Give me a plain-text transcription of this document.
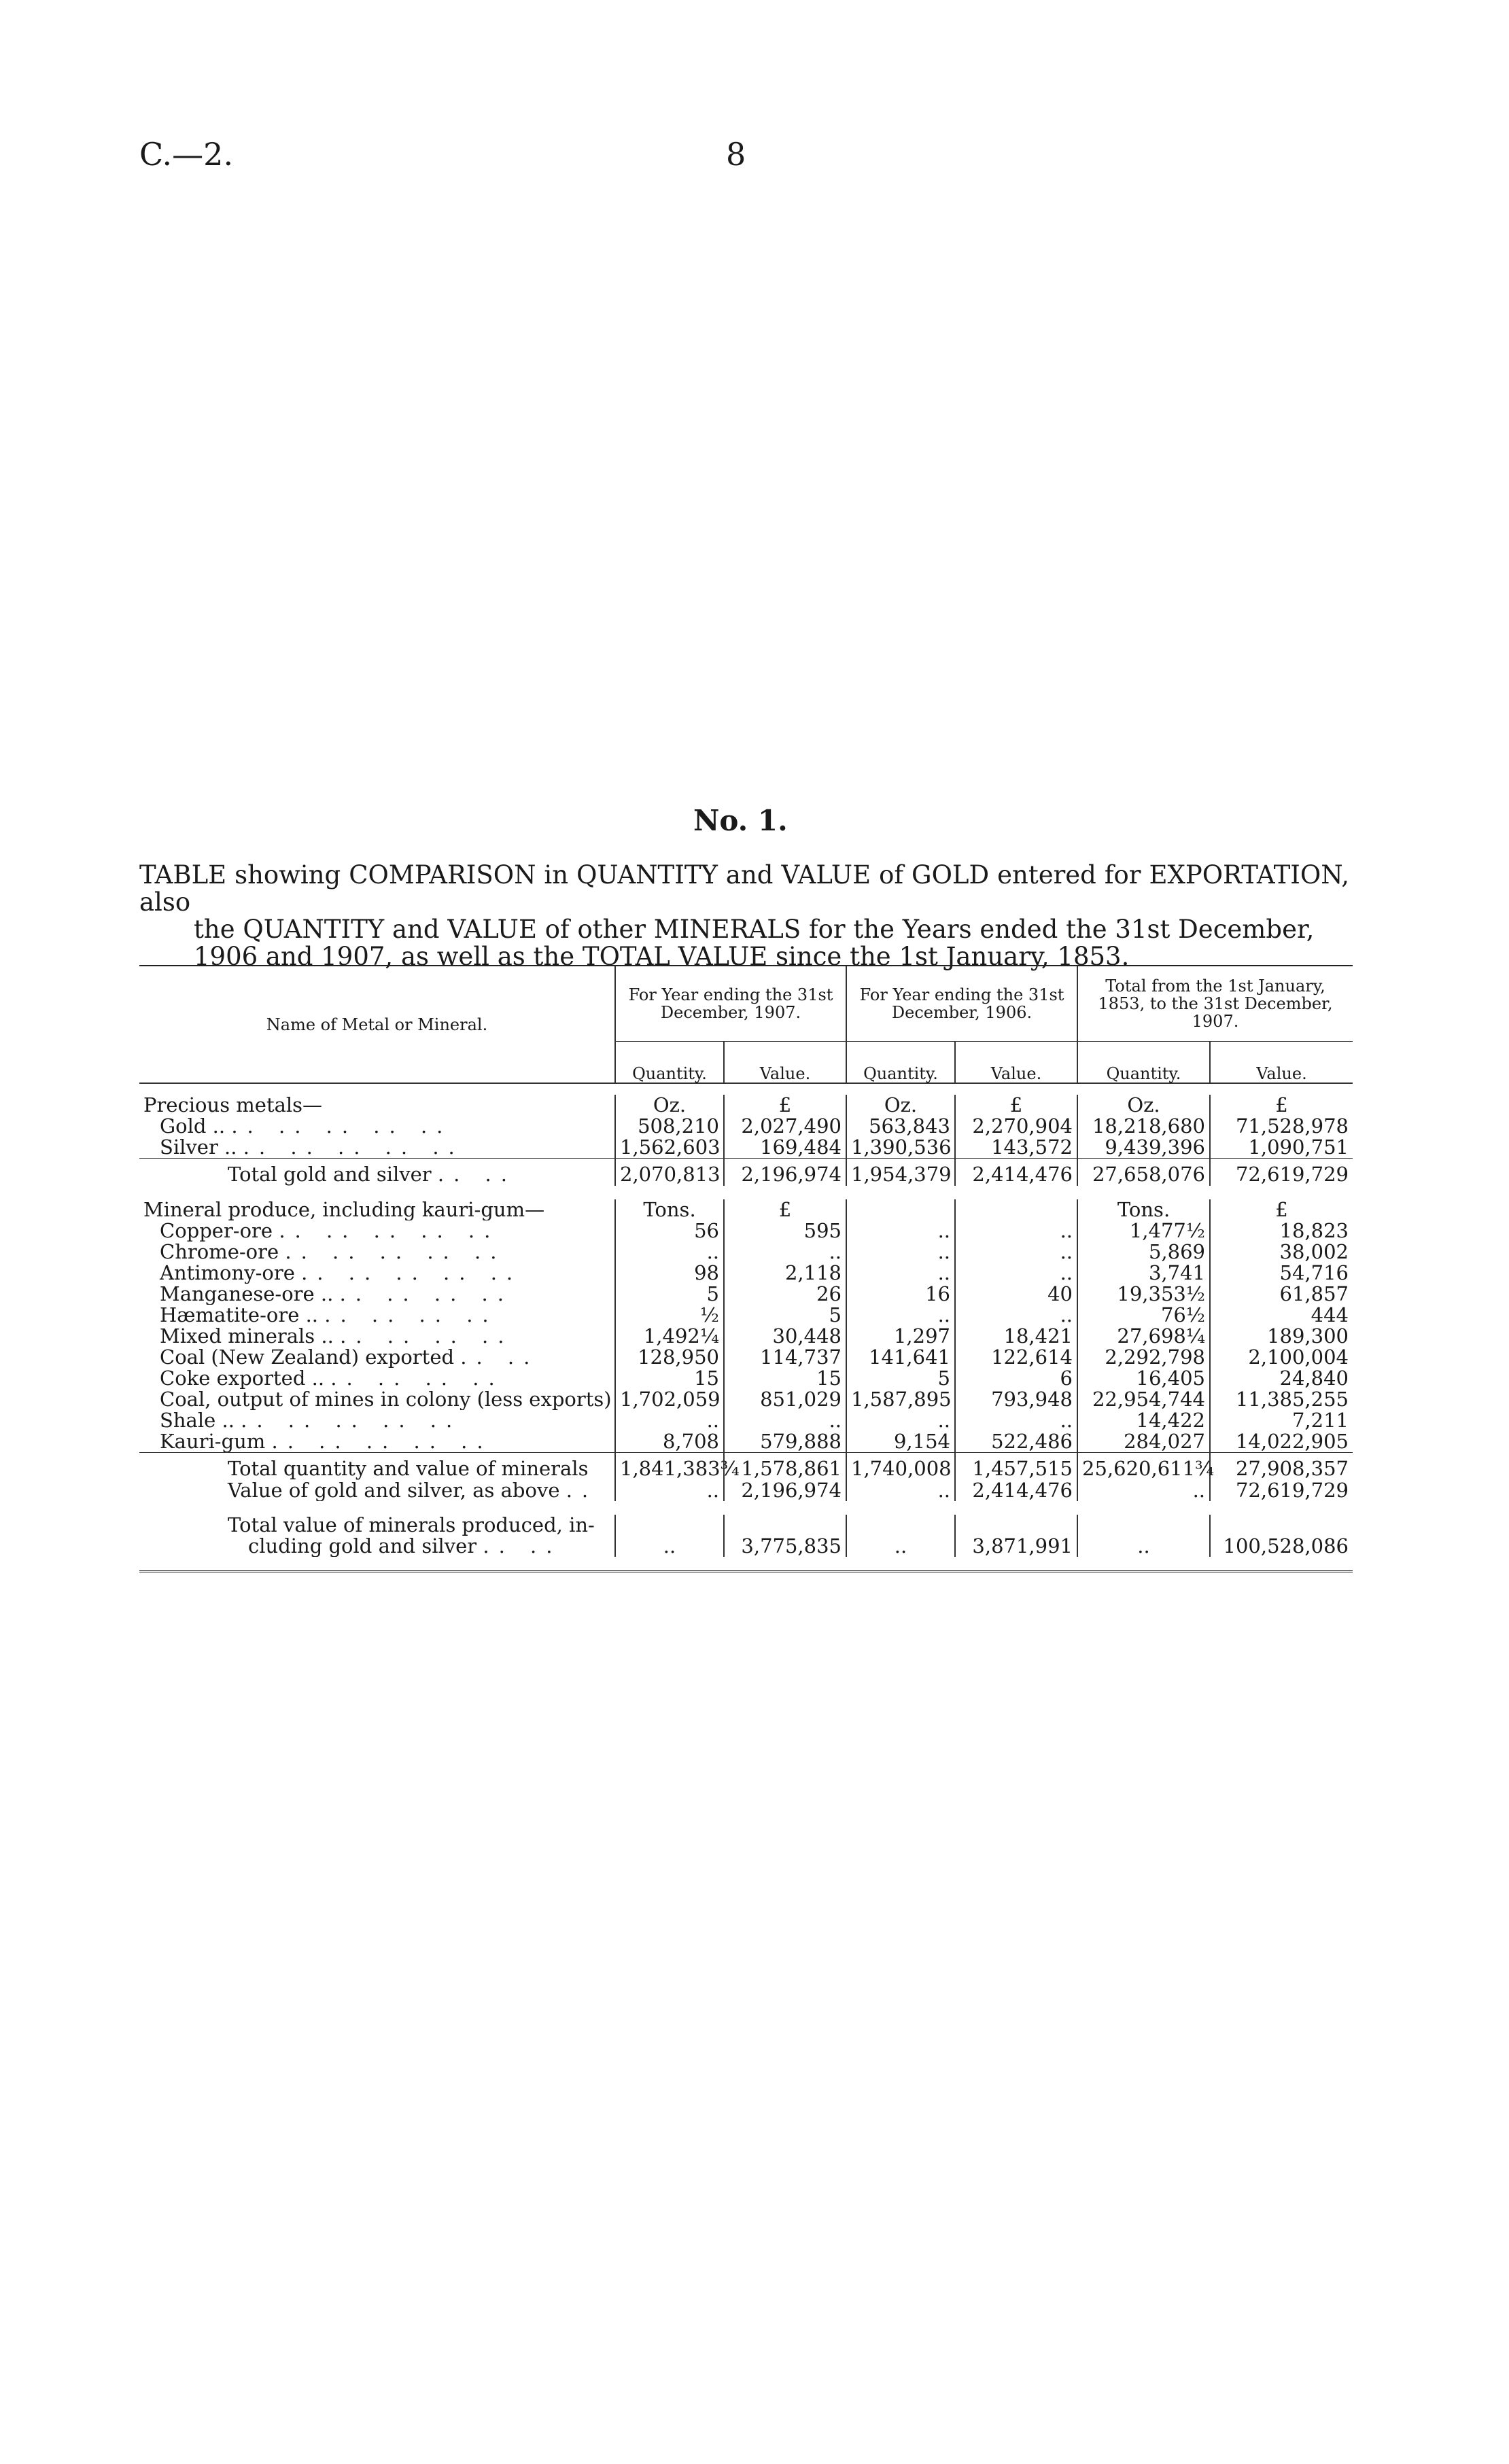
C.—2.	8
No. 1.
TABLE showing COMPARISON in QUANTITY and VALUE of GOLD entered for EXPORTATION, also

the QUANTITY and VALUE of other MINERALS for the Years ended the 31st December,
1906 and 1907, as well as the TOTAL VALUE since the 1st January, 1853.
Name of Metal or Mineral.	For Year ending the 31st December, 1907.		For Year ending the 31st December, 1906.		Total from the 1st January, 1853, to the 31st December, 1907.	
	Quantity.	Value.	Quantity.	Value.	Quantity.	Value.

Precious metals—	Oz.	£	Oz.	£	Oz.	£
Gold .. .. .. .. .. ..	508,210	2,027,490	563,843	2,270,904	18,218,680	71,528,978
Silver .. .. .. .. .. ..	1,562,603	169,484	1,390,536	143,572	9,439,396	1,090,751
Total gold and silver .. ..	2,070,813	2,196,974	1,954,379	2,414,476	27,658,076	72,619,729

Mineral produce, including kauri-gum—	Tons.	£			Tons.	£
Copper-ore .. .. .. .. ..	56	595	..	..	1,477½	18,823
Chrome-ore .. .. .. .. ..	..	..	..	..	5,869	38,002
Antimony-ore .. .. .. .. ..	98	2,118	..	..	3,741	54,716
Manganese-ore .. .. .. .. ..	5	26	16	40	19,353½	61,857
Hæmatite-ore .. .. .. .. ..	½	5	..	..	76½	444
Mixed minerals .. .. .. .. ..	1,492¼	30,448	1,297	18,421	27,698¼	189,300
Coal (New Zealand) exported .. ..	128,950	114,737	141,641	122,614	2,292,798	2,100,004
Coke exported .. .. .. .. ..	15	15	5	6	16,405	24,840
Coal, output of mines in colony (less exports)	1,702,059	851,029	1,587,895	793,948	22,954,744	11,385,255
Shale .. .. .. .. .. ..	..	..	..	..	14,422	7,211
Kauri-gum .. .. .. .. ..	8,708	579,888	9,154	522,486	284,027	14,022,905
Total quantity and value of minerals	1,841,383¾	1,578,861	1,740,008	1,457,515	25,620,611¾	27,908,357
Value of gold and silver, as above ..	..	2,196,974	..	2,414,476	..	72,619,729

Total value of minerals produced, in-						
cluding gold and silver .. ..	..	3,775,835	..	3,871,991	..	100,528,086
